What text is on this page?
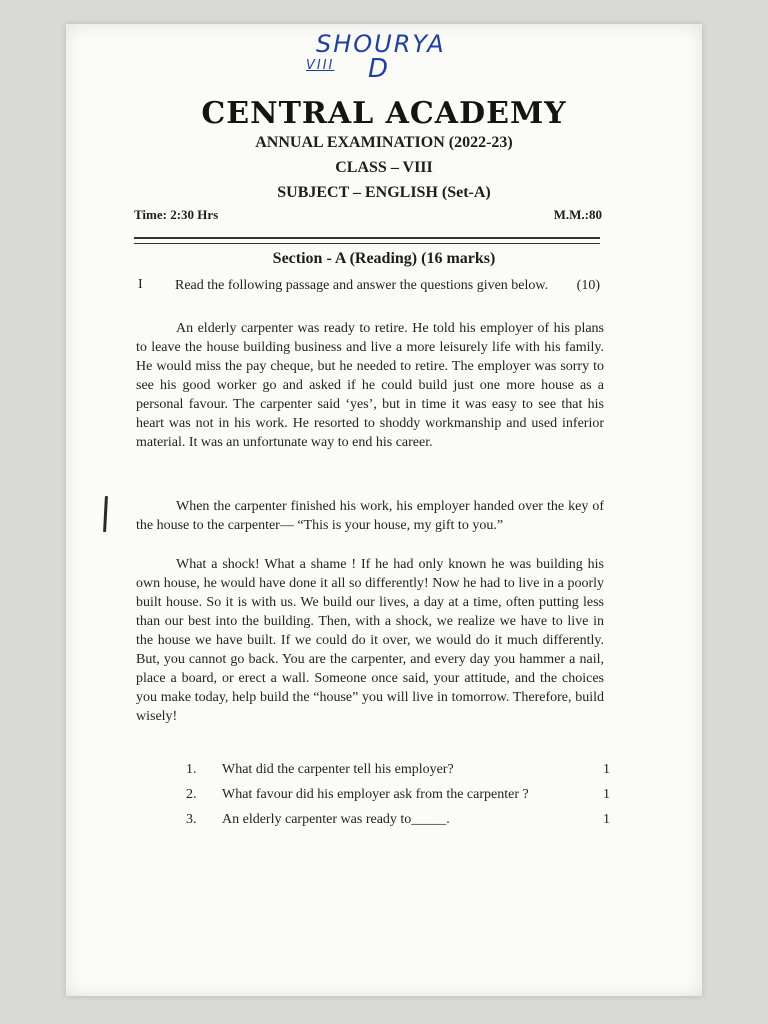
SHOURYA
VIII D
CENTRAL ACADEMY
ANNUAL EXAMINATION (2022-23)
CLASS – VIII
SUBJECT – ENGLISH (Set-A)
Time: 2:30 Hrs	M.M.:80
Section - A (Reading) (16 marks)
I Read the following passage and answer the questions given below. (10)

An elderly carpenter was ready to retire. He told his employer of his plans to leave the house building business and live a more leisurely life with his family. He would miss the pay cheque, but he needed to retire. The employer was sorry to see his good worker go and asked if he could build just one more house as a personal favour. The carpenter said ‘yes’, but in time it was easy to see that his heart was not in his work. He resorted to shoddy workmanship and used inferior material. It was an unfortunate way to end his career.

When the carpenter finished his work, his employer handed over the key of the house to the carpenter— “This is your house, my gift to you.”

What a shock! What a shame ! If he had only known he was building his own house, he would have done it all so differently! Now he had to live in a poorly built house. So it is with us. We build our lives, a day at a time, often putting less than our best into the building. Then, with a shock, we realize we have to live in the house we have built. If we could do it over, we would do it much differently. But, you cannot go back. You are the carpenter, and every day you hammer a nail, place a board, or erect a wall. Someone once said, your attitude, and the choices you make today, help build the “house” you will live in tomorrow. Therefore, build wisely!

1. What did the carpenter tell his employer?	1
2. What favour did his employer ask from the carpenter ?	1
3. An elderly carpenter was ready to_____.	1
